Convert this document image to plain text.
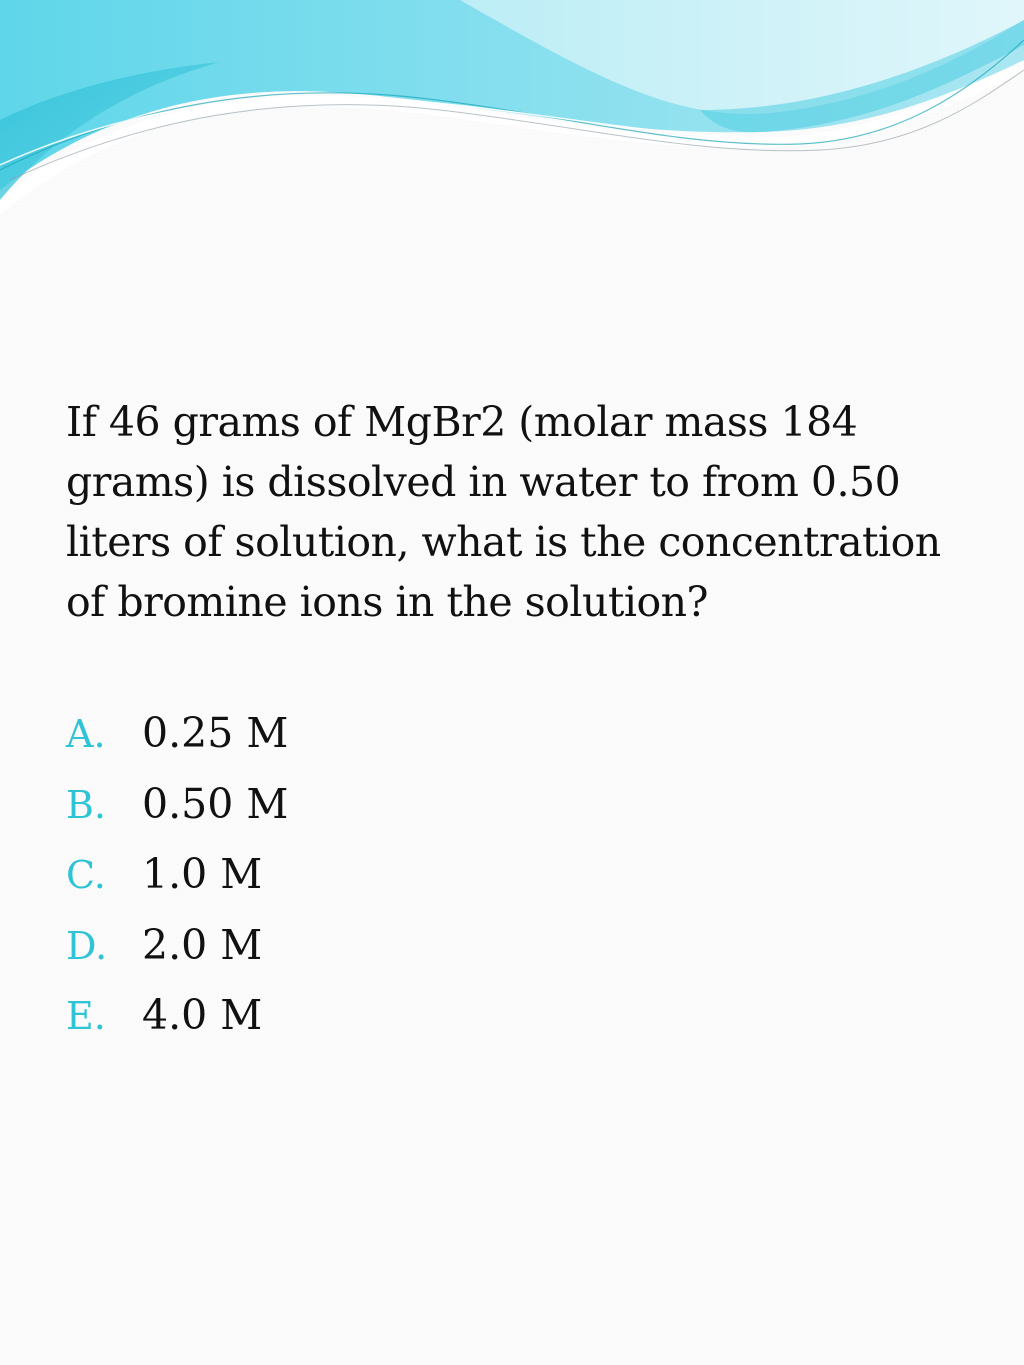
If 46 grams of MgBr2 (molar mass 184 grams) is dissolved in water to from 0.50 liters of solution, what is the concentration of bromine ions in the solution?

A. 0.25 M
B. 0.50 M
C. 1.0 M
D. 2.0 M
E. 4.0 M
